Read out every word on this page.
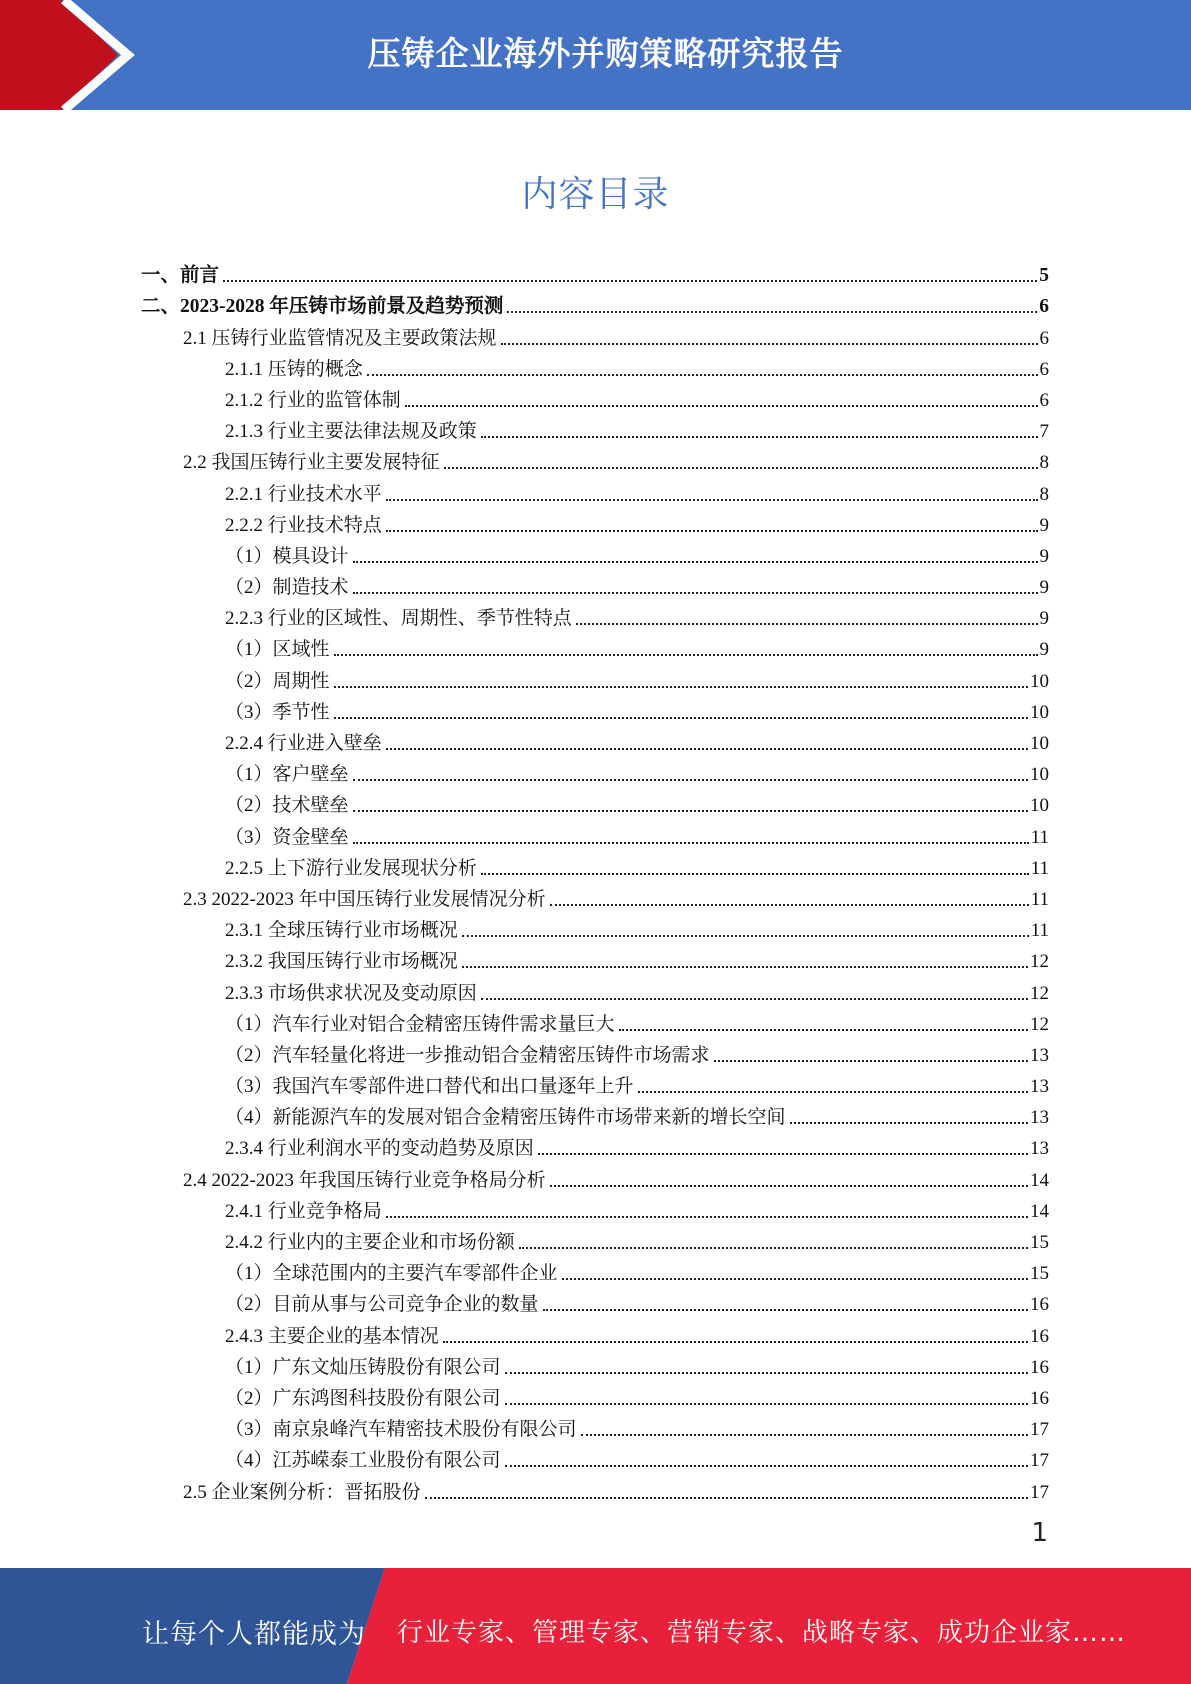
压铸企业海外并购策略研究报告
内容目录
一、前言	5
二、2023-2028 年压铸市场前景及趋势预测	6
2.1 压铸行业监管情况及主要政策法规	6
2.1.1 压铸的概念	6
2.1.2 行业的监管体制	6
2.1.3 行业主要法律法规及政策	7
2.2 我国压铸行业主要发展特征	8
2.2.1 行业技术水平	8
2.2.2 行业技术特点	9
（1）模具设计	9
（2）制造技术	9
2.2.3 行业的区域性、周期性、季节性特点	9
（1）区域性	9
（2）周期性	10
（3）季节性	10
2.2.4 行业进入壁垒	10
（1）客户壁垒	10
（2）技术壁垒	10
（3）资金壁垒	11
2.2.5 上下游行业发展现状分析	11
2.3 2022-2023 年中国压铸行业发展情况分析	11
2.3.1 全球压铸行业市场概况	11
2.3.2 我国压铸行业市场概况	12
2.3.3 市场供求状况及变动原因	12
（1）汽车行业对铝合金精密压铸件需求量巨大	12
（2）汽车轻量化将进一步推动铝合金精密压铸件市场需求	13
（3）我国汽车零部件进口替代和出口量逐年上升	13
（4）新能源汽车的发展对铝合金精密压铸件市场带来新的增长空间	13
2.3.4 行业利润水平的变动趋势及原因	13
2.4 2022-2023 年我国压铸行业竞争格局分析	14
2.4.1 行业竞争格局	14
2.4.2 行业内的主要企业和市场份额	15
（1）全球范围内的主要汽车零部件企业	15
（2）目前从事与公司竞争企业的数量	16
2.4.3 主要企业的基本情况	16
（1）广东文灿压铸股份有限公司	16
（2）广东鸿图科技股份有限公司	16
（3）南京泉峰汽车精密技术股份有限公司	17
（4）江苏嵘泰工业股份有限公司	17
2.5 企业案例分析：晋拓股份	17
1
让每个人都能成为 行业专家、管理专家、营销专家、战略专家、成功企业家……
